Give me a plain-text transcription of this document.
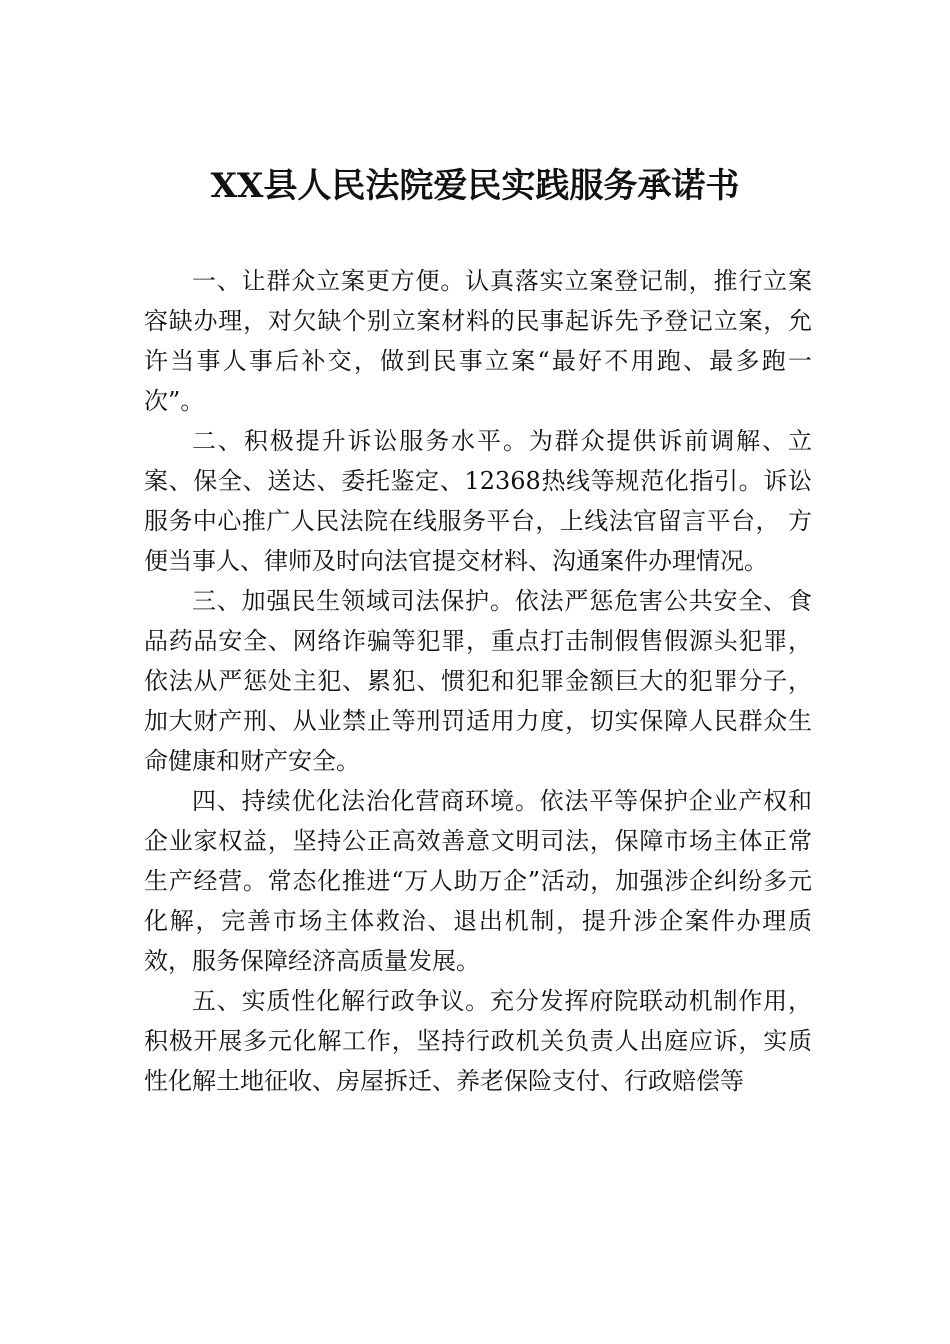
XX县人民法院爱民实践服务承诺书

一、让群众立案更方便。认真落实立案登记制，推行立案容缺办理，对欠缺个别立案材料的民事起诉先予登记立案，允许当事人事后补交，做到民事立案“最好不用跑、最多跑一次”。

二、积极提升诉讼服务水平。为群众提供诉前调解、立案、保全、送达、委托鉴定、12368热线等规范化指引。诉讼服务中心推广人民法院在线服务平台，上线法官留言平台， 方便当事人、律师及时向法官提交材料、沟通案件办理情况。

三、加强民生领域司法保护。依法严惩危害公共安全、食品药品安全、网络诈骗等犯罪，重点打击制假售假源头犯罪，依法从严惩处主犯、累犯、惯犯和犯罪金额巨大的犯罪分子，加大财产刑、从业禁止等刑罚适用力度，切实保障人民群众生命健康和财产安全。

四、持续优化法治化营商环境。依法平等保护企业产权和企业家权益，坚持公正高效善意文明司法，保障市场主体正常生产经营。常态化推进“万人助万企”活动，加强涉企纠纷多元化解，完善市场主体救治、退出机制，提升涉企案件办理质效，服务保障经济高质量发展。

五、实质性化解行政争议。充分发挥府院联动机制作用，积极开展多元化解工作，坚持行政机关负责人出庭应诉，实质性化解土地征收、房屋拆迁、养老保险支付、行政赔偿等
